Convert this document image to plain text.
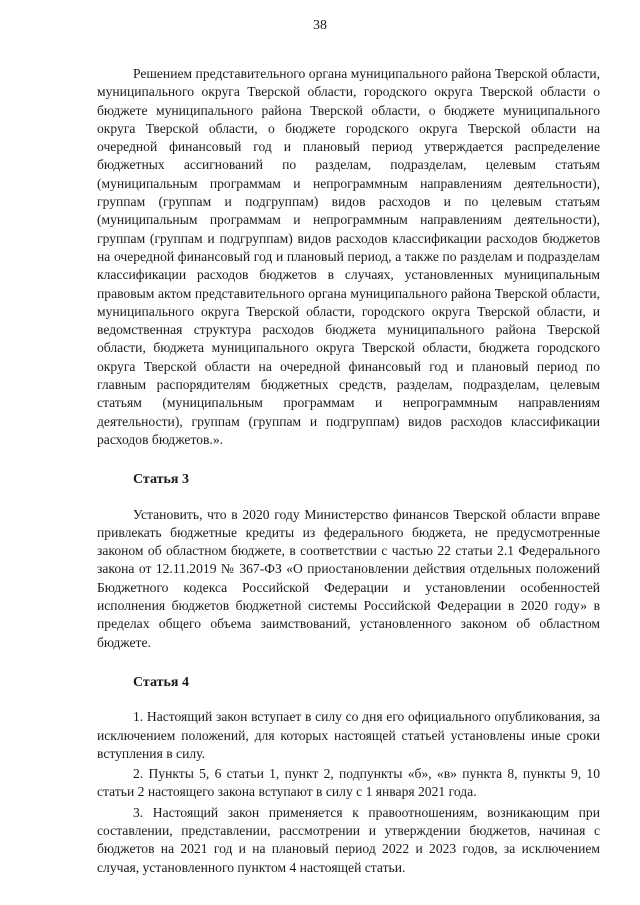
38

Решением представительного органа муниципального района Тверской области, муниципального округа Тверской области, городского округа Тверской области о бюджете муниципального района Тверской области, о бюджете муниципального округа Тверской области, о бюджете городского округа Тверской области на очередной финансовый год и плановый период утверждается распределение бюджетных ассигнований по разделам, подразделам, целевым статьям (муниципальным программам и непрограммным направлениям деятельности), группам (группам и подгруппам) видов расходов и по целевым статьям (муниципальным программам и непрограммным направлениям деятельности), группам (группам и подгруппам) видов расходов классификации расходов бюджетов на очередной финансовый год и плановый период, а также по разделам и подразделам классификации расходов бюджетов в случаях, установленных муниципальным правовым актом представительного органа муниципального района Тверской области, муниципального округа Тверской области, городского округа Тверской области, и ведомственная структура расходов бюджета муниципального района Тверской области, бюджета муниципального округа Тверской области, бюджета городского округа Тверской области на очередной финансовый год и плановый период по главным распорядителям бюджетных средств, разделам, подразделам, целевым статьям (муниципальным программам и непрограммным направлениям деятельности), группам (группам и подгруппам) видов расходов классификации расходов бюджетов.».

Статья 3

Установить, что в 2020 году Министерство финансов Тверской области вправе привлекать бюджетные кредиты из федерального бюджета, не предусмотренные законом об областном бюджете, в соответствии с частью 22 статьи 2.1 Федерального закона от 12.11.2019 № 367-ФЗ «О приостановлении действия отдельных положений Бюджетного кодекса Российской Федерации и установлении особенностей исполнения бюджетов бюджетной системы Российской Федерации в 2020 году» в пределах общего объема заимствований, установленного законом об областном бюджете.

Статья 4

1. Настоящий закон вступает в силу со дня его официального опубликования, за исключением положений, для которых настоящей статьей установлены иные сроки вступления в силу.

2. Пункты 5, 6 статьи 1, пункт 2, подпункты «б», «в» пункта 8, пункты 9, 10 статьи 2 настоящего закона вступают в силу с 1 января 2021 года.

3. Настоящий закон применяется к правоотношениям, возникающим при составлении, представлении, рассмотрении и утверждении бюджетов, начиная с бюджетов на 2021 год и на плановый период 2022 и 2023 годов, за исключением случая, установленного пунктом 4 настоящей статьи.
